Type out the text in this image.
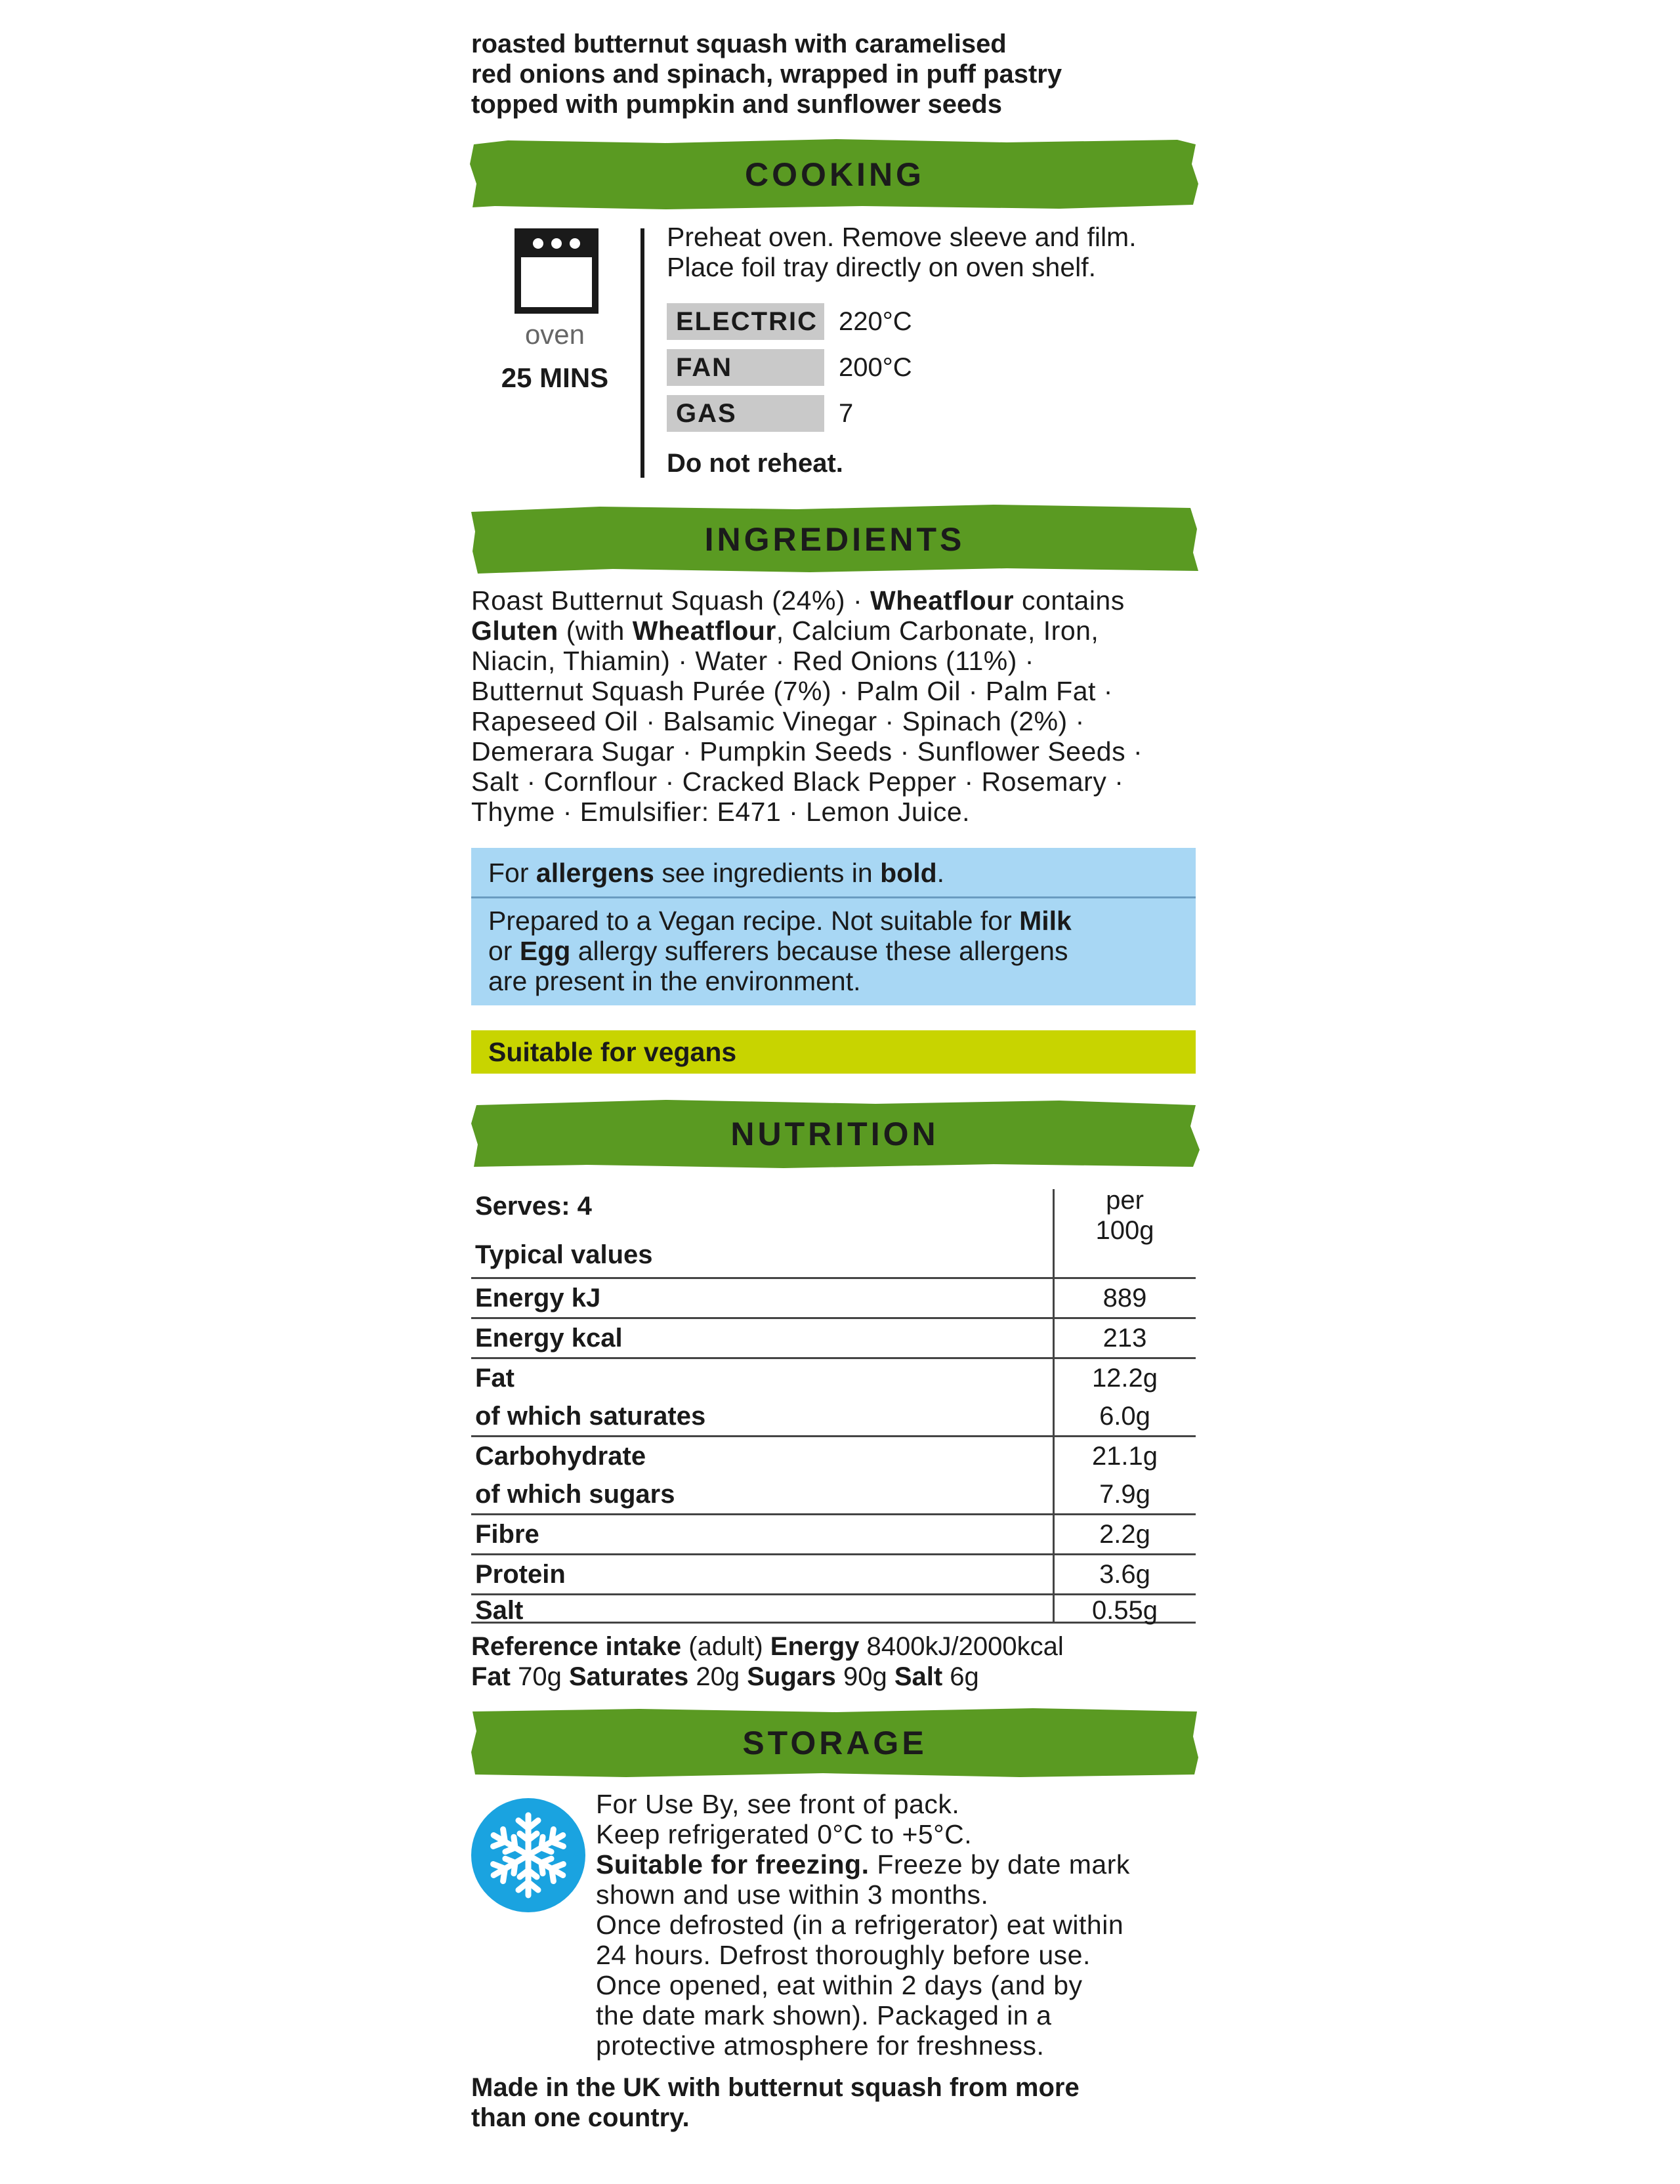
roasted butternut squash with caramelised
red onions and spinach, wrapped in puff pastry
topped with pumpkin and sunflower seeds
COOKING
oven
25 MINS
Preheat oven. Remove sleeve and film.
Place foil tray directly on oven shelf.
ELECTRIC 220°C
FAN	200°C
GAS	7
Do not reheat.
INGREDIENTS
Roast Butternut Squash (24%) · Wheatflour contains
Gluten (with Wheatflour, Calcium Carbonate, Iron,
Niacin, Thiamin) · Water · Red Onions (11%) ·
Butternut Squash Purée (7%) · Palm Oil · Palm Fat ·
Rapeseed Oil · Balsamic Vinegar · Spinach (2%) ·
Demerara Sugar · Pumpkin Seeds · Sunflower Seeds ·
Salt · Cornflour · Cracked Black Pepper · Rosemary ·
Thyme · Emulsifier: E471 · Lemon Juice.
For allergens see ingredients in bold.
Prepared to a Vegan recipe. Not suitable for Milk
or Egg allergy sufferers because these allergens
are present in the environment.
Suitable for vegans
NUTRITION
Serves: 4
Typical values
per
100g
Energy kJ	889
Energy kcal	213
Fat	12.2g
of which saturates	6.0g
Carbohydrate	21.1g
of which sugars	7.9g
Fibre	2.2g
Protein	3.6g
Salt	0.55g
Reference intake (adult) Energy 8400kJ/2000kcal
Fat 70g Saturates 20g Sugars 90g Salt 6g
STORAGE
For Use By, see front of pack.
Keep refrigerated 0°C to +5°C.
Suitable for freezing. Freeze by date mark
shown and use within 3 months.
Once defrosted (in a refrigerator) eat within
24 hours. Defrost thoroughly before use.
Once opened, eat within 2 days (and by
the date mark shown). Packaged in a
protective atmosphere for freshness.
Made in the UK with butternut squash from more
than one country.
